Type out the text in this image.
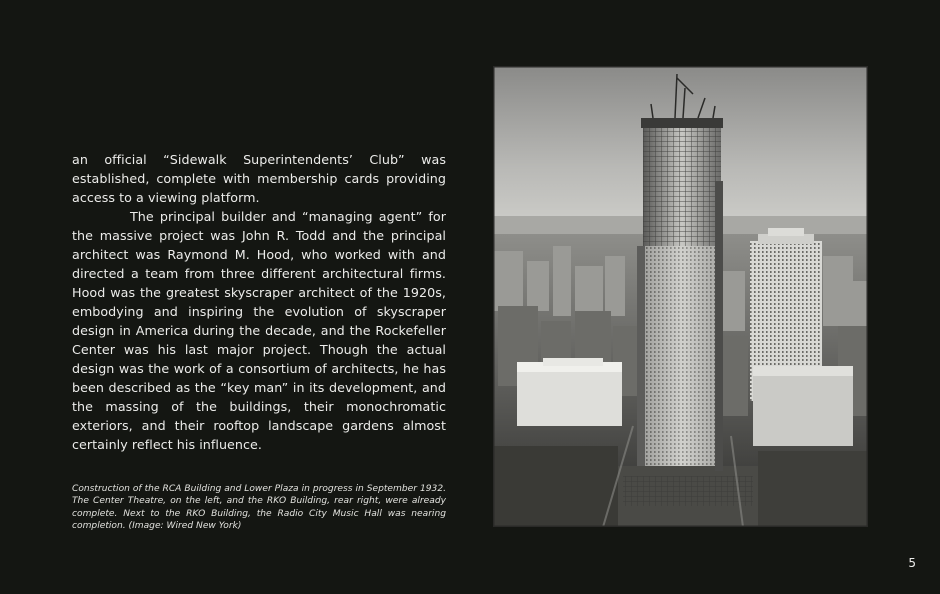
an official “Sidewalk Superintendents’ Club” was established, complete with membership cards providing access to a viewing platform.

The principal builder and “managing agent” for the massive project was John R. Todd and the principal architect was Raymond M. Hood, who worked with and directed a team from three different architectural firms. Hood was the greatest skyscraper architect of the 1920s, embodying and inspiring the evolution of skyscraper design in America during the decade, and the Rockefeller Center was his last major project. Though the actual design was the work of a consortium of architects, he has been described as the “key man” in its development, and the massing of the buildings, their monochromatic exteriors, and their rooftop landscape gardens almost certainly reflect his influence.

Construction of the RCA Building and Lower Plaza in progress in September 1932. The Center Theatre, on the left, and the RKO Building, rear right, were already complete. Next to the RKO Building, the Radio City Music Hall was nearing completion. (Image: Wired New York)
5
